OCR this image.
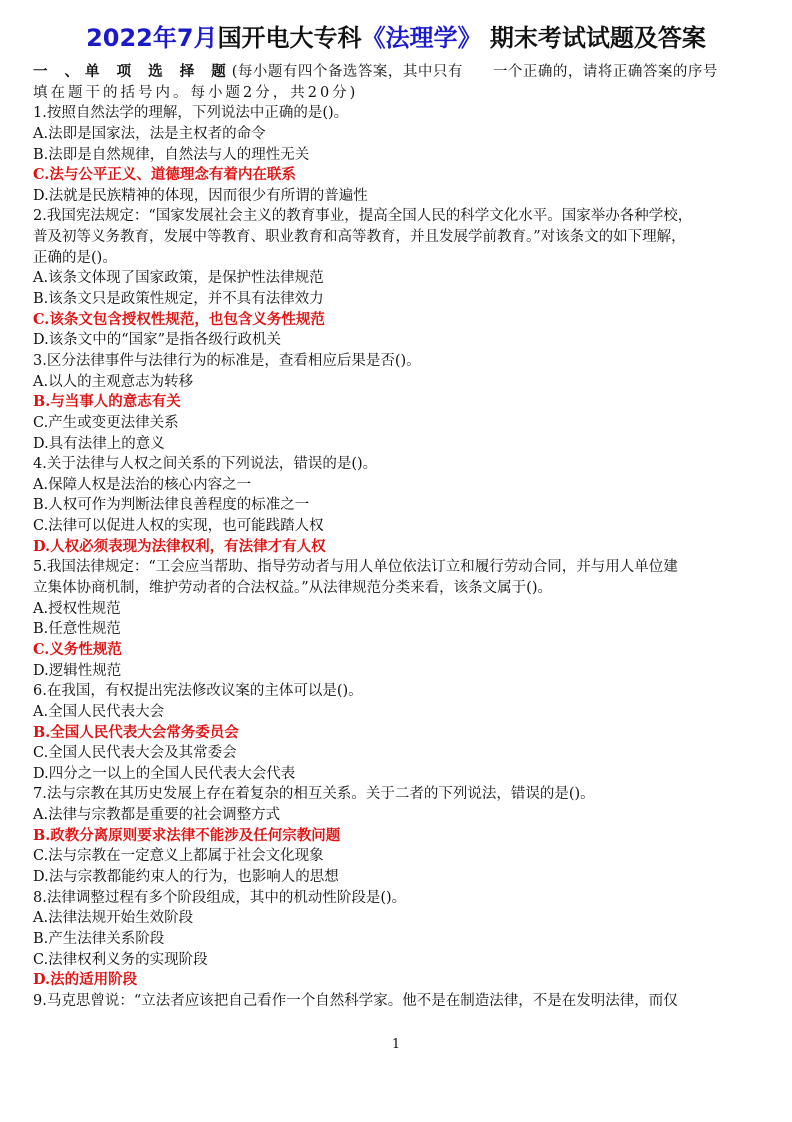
2022年7月国开电大专科《法理学》 期末考试试题及答案
一 、单 项 选 择 题(每小题有四个备选答案，其中只有　　一个正确的，请将正确答案的序号
填在题干的括号内。每小题2分，共20分)
1.按照自然法学的理解，下列说法中正确的是()。
A.法即是国家法，法是主权者的命令
B.法即是自然规律，自然法与人的理性无关
C.法与公平正义、道德理念有着内在联系
D.法就是民族精神的体现，因而很少有所谓的普遍性
2.我国宪法规定：“国家发展社会主义的教育事业，提高全国人民的科学文化水平。国家举办各种学校，
普及初等义务教育，发展中等教育、职业教育和高等教育，并且发展学前教育。”对该条文的如下理解，
正确的是()。
A.该条文体现了国家政策，是保护性法律规范
B.该条文只是政策性规定，并不具有法律效力
C.该条文包含授权性规范，也包含义务性规范
D.该条文中的“国家”是指各级行政机关
3.区分法律事件与法律行为的标准是，查看相应后果是否()。
A.以人的主观意志为转移
B.与当事人的意志有关
C.产生或变更法律关系
D.具有法律上的意义
4.关于法律与人权之间关系的下列说法，错误的是()。
A.保障人权是法治的核心内容之一
B.人权可作为判断法律良善程度的标准之一
C.法律可以促进人权的实现，也可能践踏人权
D.人权必须表现为法律权利，有法律才有人权
5.我国法律规定：“工会应当帮助、指导劳动者与用人单位依法订立和履行劳动合同，并与用人单位建
立集体协商机制，维护劳动者的合法权益。”从法律规范分类来看，该条文属于()。
A.授权性规范
B.任意性规范
C.义务性规范
D.逻辑性规范
6.在我国，有权提出宪法修改议案的主体可以是()。
A.全国人民代表大会
B.全国人民代表大会常务委员会
C.全国人民代表大会及其常委会
D.四分之一以上的全国人民代表大会代表
7.法与宗教在其历史发展上存在着复杂的相互关系。关于二者的下列说法，错误的是()。
A.法律与宗教都是重要的社会调整方式
B.政教分离原则要求法律不能涉及任何宗教问题
C.法与宗教在一定意义上都属于社会文化现象
D.法与宗教都能约束人的行为，也影响人的思想
8.法律调整过程有多个阶段组成，其中的机动性阶段是()。
A.法律法规开始生效阶段
B.产生法律关系阶段
C.法律权利义务的实现阶段
D.法的适用阶段
9.马克思曾说：“立法者应该把自己看作一个自然科学家。他不是在制造法律，不是在发明法律，而仅
1
